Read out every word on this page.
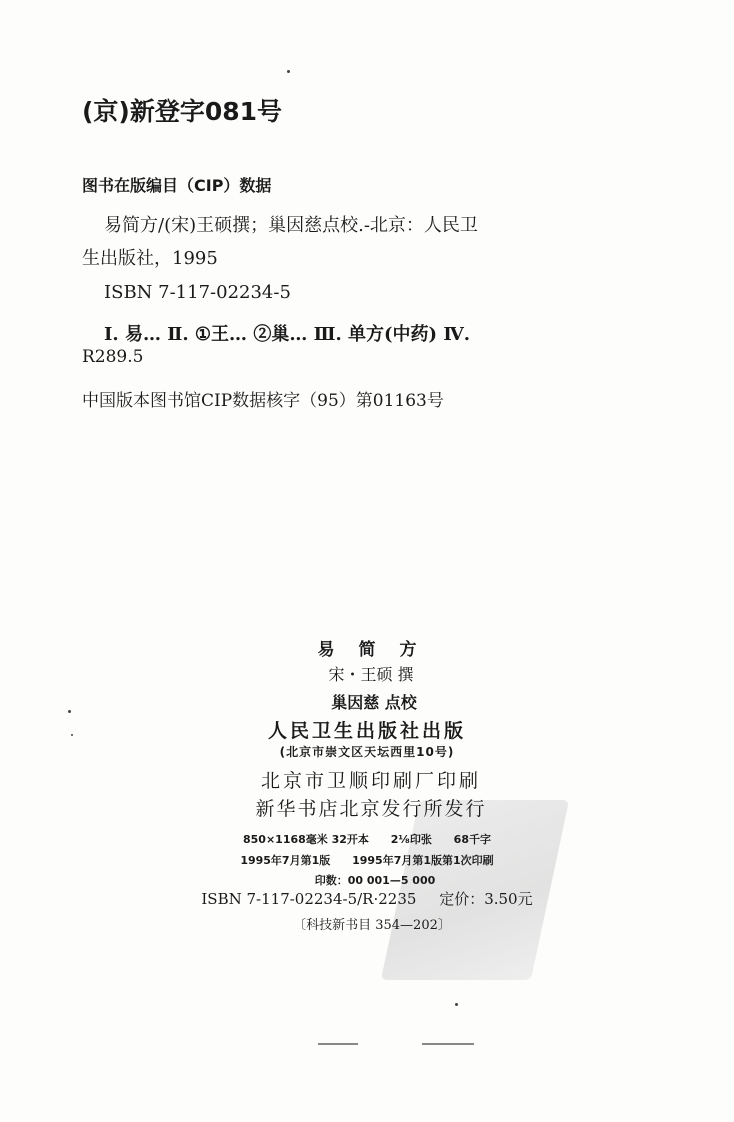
(京)新登字081号
图书在版编目（CIP）数据
易简方/(宋)王硕撰；巢因慈点校.-北京：人民卫
生出版社，1995
ISBN 7-117-02234-5
Ⅰ. 易… Ⅱ. ①王… ②巢… Ⅲ. 单方(中药) Ⅳ.
R289.5
中国版本图书馆CIP数据核字（95）第01163号
易简方
宋・王硕 撰
巢因慈 点校
人民卫生出版社出版
(北京市崇文区天坛西里10号)
北京市卫顺印刷厂印刷
新华书店北京发行所发行
850×1168毫米 32开本 2⅛印张 68千字
1995年7月第1版 1995年7月第1版第1次印刷
印数：00 001—5 000
ISBN 7-117-02234-5/R·2235 定价：3.50元
〔科技新书目 354—202〕
